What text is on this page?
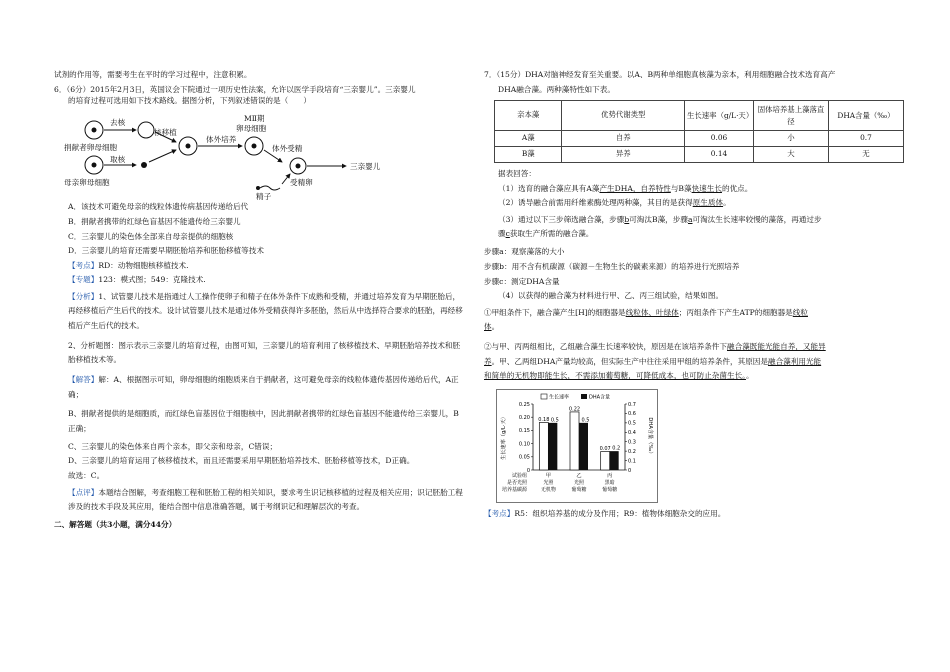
试剂的作用等，需要考生在平时的学习过程中，注意积累。

6．（6分）2015年2月3日，英国议会下院通过一项历史性法案，允许以医学手段培育“三亲婴儿”。三亲婴儿

的培育过程可选用如下技术路线。据图分析，下列叙述错误的是（　　）

去核
捐献者卵母细胞
取核
母亲卵母细胞
核移植
MⅡ期
卵母细胞
体外培养
体外受精
精子
受精卵
三亲婴儿

A．该技术可避免母亲的线粒体遗传病基因传递给后代

B．捐献者携带的红绿色盲基因不能遗传给三亲婴儿

C．三亲婴儿的染色体全部来自母亲提供的细胞核

D．三亲婴儿的培育还需要早期胚胎培养和胚胎移植等技术

【考点】RD：动物细胞核移植技术.

【专题】123：模式图；549：克隆技术.

【分析】1、试管婴儿技术是指通过人工操作使卵子和精子在体外条件下成熟和受精，并通过培养发育为早期胚胎后，再经移植后产生后代的技术。设计试管婴儿技术是通过体外受精获得许多胚胎，然后从中选择符合要求的胚胎，再经移植后产生后代的技术。

2、分析题图：图示表示三亲婴儿的培育过程，由图可知，三亲婴儿的培育利用了核移植技术、早期胚胎培养技术和胚胎移植技术等。

【解答】解：A、根据图示可知，卵母细胞的细胞质来自于捐献者，这可避免母亲的线粒体遗传基因传递给后代，A正确；

B、捐献者提供的是细胞质，而红绿色盲基因位于细胞核中，因此捐献者携带的红绿色盲基因不能遗传给三亲婴儿，B正确；

C、三亲婴儿的染色体来自两个亲本，即父亲和母亲，C错误；

D、三亲婴儿的培育运用了核移植技术，而且还需要采用早期胚胎培养技术、胚胎移植等技术，D正确。

故选：C。

【点评】本题结合图解，考查细胞工程和胚胎工程的相关知识，要求考生识记核移植的过程及相关应用；识记胚胎工程涉及的技术手段及其应用，能结合图中信息准确答题，属于考纲识记和理解层次的考查。

二、解答题（共3小题，满分44分）

7．（15分）DHA对脑神经发育至关重要。以A、B两种单细胞真核藻为亲本，利用细胞融合技术选育高产

DHA融合藻。两种藻特性如下表。

亲本藻	优势代谢类型	生长速率（g/L·天）	固体培养基上藻落直径	DHA含量（‰）
A藻	自养	0.06	小	0.7
B藻	异养	0.14	大	无

据表回答：

（1）选育的融合藻应具有A藻产生DHA，自养特性与B藻快速生长的优点。

（2）诱导融合前需用纤维素酶处理两种藻，其目的是获得原生质体。

（3）通过以下三步筛选融合藻，步骤b可淘汰B藻，步骤a可淘汰生长速率较慢的藻落，再通过步
骤c获取生产所需的融合藻。

步骤a：观察藻落的大小

步骤b：用不含有机碳源（碳源－生物生长的碳素来源）的培养进行光照培养

步骤c：测定DHA含量

（4）以获得的融合藻为材料进行甲、乙、丙三组试验，结果如图。

①甲组条件下，融合藻产生[H]的细胞器是线粒体、叶绿体；丙组条件下产生ATP的细胞器是线粒
体。

②与甲、丙两组相比，乙组融合藻生长速率较快，原因是在该培养条件下融合藻既能光能自养，又能异
养。甲、乙两组DHA产量均较高，但实际生产中往往采用甲组的培养条件，其原因是融合藻利用光能
和简单的无机物即能生长，不需添加葡萄糖，可降低成本，也可防止杂菌生长。。

生长速率（g/L·天）	DHA含量（‰）
0.25
0.20
0.15
0.10
0.05
0
0.7
0.6
0.5
0.4
0.3
0.2
0.1
0
生长速率	DHA含量
0.18 0.5
甲
光照
无机物
0.22
0.5
乙
光照
葡萄糖
0.07 0.2
丙
黑暗
葡萄糖
试验组
是否光照
培养基碳源

【考点】R5：组织培养基的成分及作用；R9：植物体细胞杂交的应用。
